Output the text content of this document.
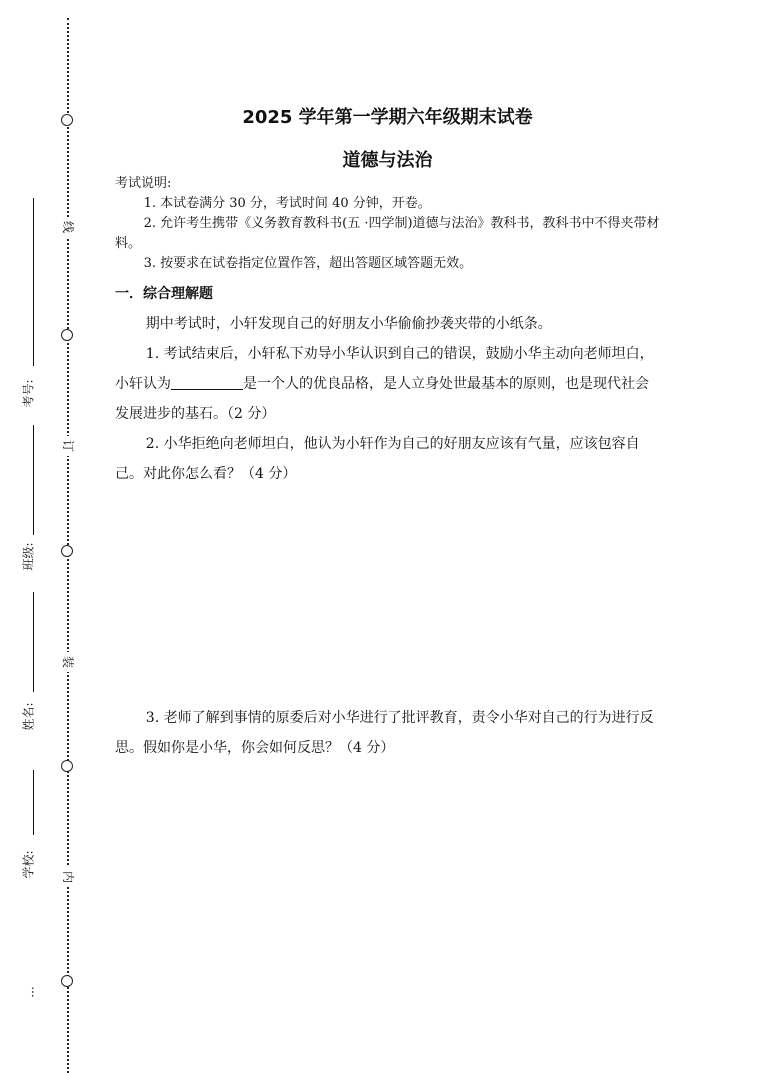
线
订
装
内
考号:
班级:
姓名:
学校:
...
2025 学年第一学期六年级期末试卷
道德与法治

考试说明:

1. 本试卷满分 30 分，考试时间 40 分钟，开卷。

2. 允许考生携带《义务教育教科书(五 ·四学制)道德与法治》教科书，教科书中不得夹带材料。

3. 按要求在试卷指定位置作答，超出答题区域答题无效。

一．综合理解题

期中考试时，小轩发现自己的好朋友小华偷偷抄袭夹带的小纸条。

1. 考试结束后，小轩私下劝导小华认识到自己的错误，鼓励小华主动向老师坦白，小轩认为	是一个人的优良品格，是人立身处世最基本的原则，也是现代社会发展进步的基石。（2 分）

2. 小华拒绝向老师坦白，他认为小轩作为自己的好朋友应该有气量，应该包容自己。对此你怎么看？（4 分）

3. 老师了解到事情的原委后对小华进行了批评教育，责令小华对自己的行为进行反思。假如你是小华，你会如何反思？（4 分）
